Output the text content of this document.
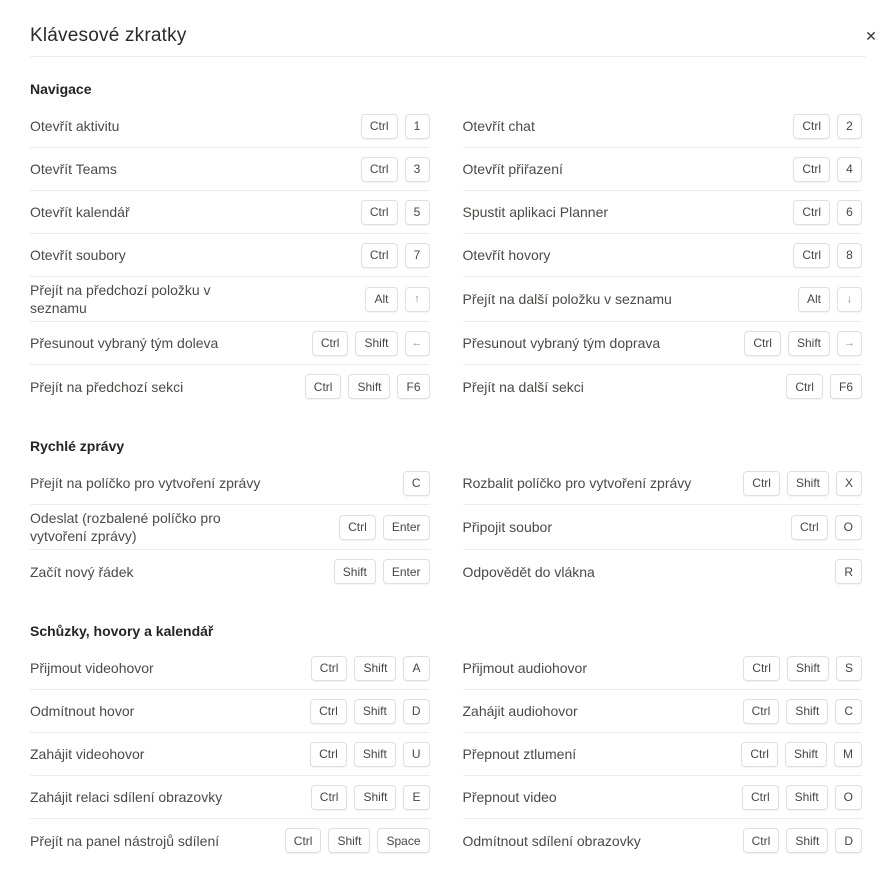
Klávesové zkratky	✕
Navigace
Otevřít aktivitu	Ctrl	1	Otevřít chat	Ctrl	2
Otevřít Teams	Ctrl	3	Otevřít přiřazení	Ctrl	4
Otevřít kalendář	Ctrl	5	Spustit aplikaci Planner	Ctrl	6
Otevřít soubory	Ctrl	7	Otevřít hovory	Ctrl	8
Přejít na předchozí položku v
seznamu
Alt	↑	Přejít na další položku v seznamu	Alt	↓
Přesunout vybraný tým doleva	Ctrl	Shift	←	Přesunout vybraný tým doprava	Ctrl	Shift	→
Přejít na předchozí sekci	Ctrl	Shift	F6	Přejít na další sekci	Ctrl	F6
Rychlé zprávy
Přejít na políčko pro vytvoření zprávy	C	Rozbalit políčko pro vytvoření zprávy	Ctrl	Shift	X
Odeslat (rozbalené políčko pro
vytvoření zprávy)
Ctrl	Enter	Připojit soubor	Ctrl	O
Začít nový řádek	Shift	Enter	Odpovědět do vlákna	R
Schůzky, hovory a kalendář
Přijmout videohovor	Ctrl	Shift	A	Přijmout audiohovor	Ctrl	Shift	S
Odmítnout hovor	Ctrl	Shift	D	Zahájit audiohovor	Ctrl	Shift	C
Zahájit videohovor	Ctrl	Shift	U	Přepnout ztlumení	Ctrl	Shift	M
Zahájit relaci sdílení obrazovky	Ctrl	Shift	E	Přepnout video	Ctrl	Shift	O
Přejít na panel nástrojů sdílení	Ctrl	Shift	Space	Odmítnout sdílení obrazovky	Ctrl	Shift	D
